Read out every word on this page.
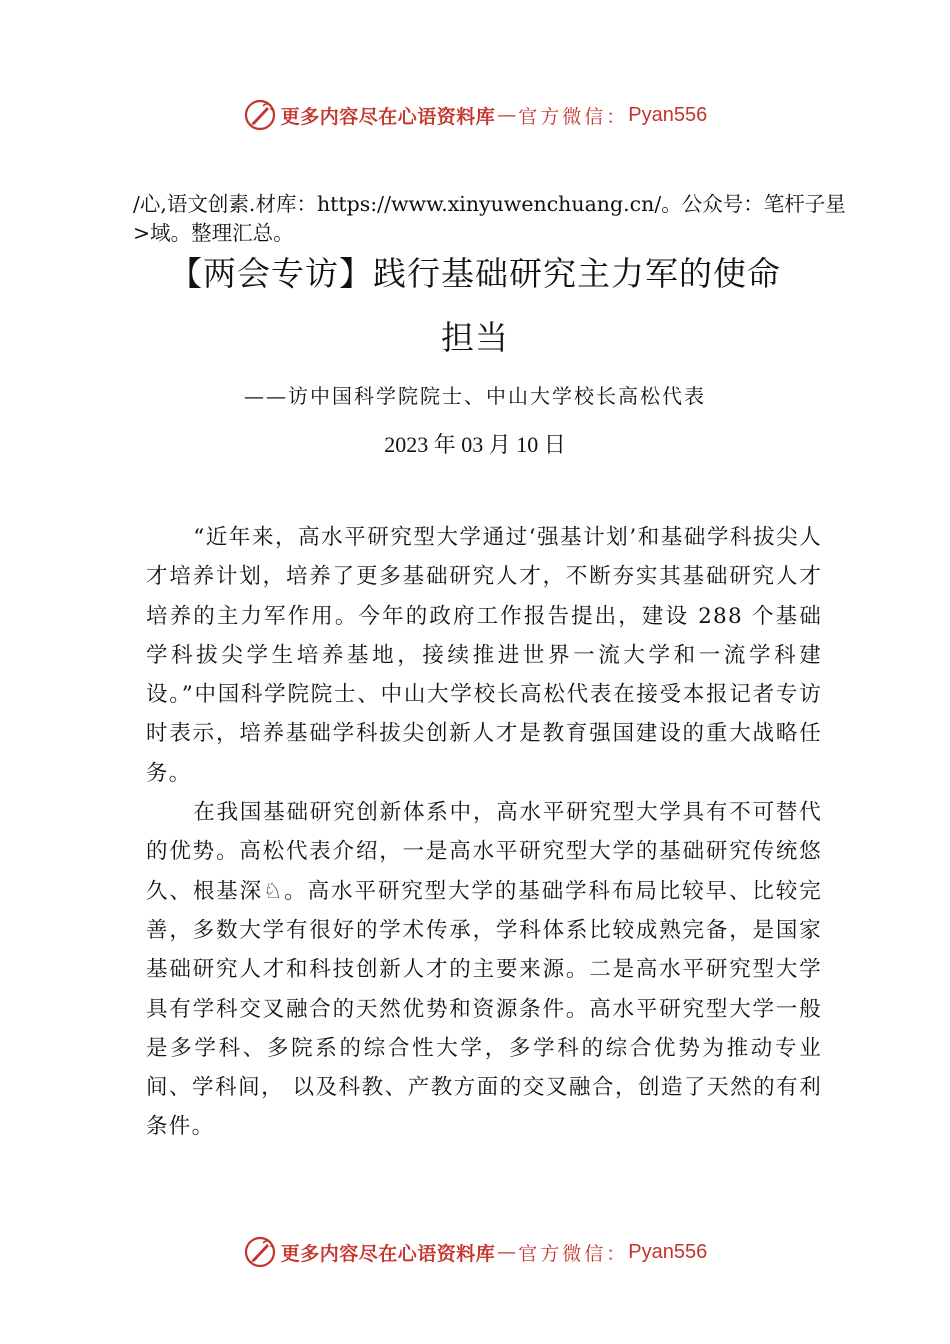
更多内容尽在心语资料库 — 官方微信： Pyan556
/心,语文创素.材库：https://www.xinyuwenchuang.cn/。公众号：笔杆子星>域。整理汇总。
【两会专访】践行基础研究主力军的使命
担当
——访中国科学院院士、中山大学校长高松代表
2023 年 03 月 10 日

“近年来，高水平研究型大学通过‘强基计划’和基础学科拔尖人才培养计划，培养了更多基础研究人才，不断夯实其基础研究人才培养的主力军作用。今年的政府工作报告提出，建设 288 个基础学科拔尖学生培养基地，接续推进世界一流大学和一流学科建设。”中国科学院院士、中山大学校长高松代表在接受本报记者专访时表示，培养基础学科拔尖创新人才是教育强国建设的重大战略任务。

在我国基础研究创新体系中，高水平研究型大学具有不可替代的优势。高松代表介绍，一是高水平研究型大学的基础研究传统悠久、根基深♘。高水平研究型大学的基础学科布局比较早、比较完善，多数大学有很好的学术传承，学科体系比较成熟完备，是国家基础研究人才和科技创新人才的主要来源。二是高水平研究型大学具有学科交叉融合的天然优势和资源条件。高水平研究型大学一般是多学科、多院系的综合性大学，多学科的综合优势为推动专业间、学科间， 以及科教、产教方面的交叉融合，创造了天然的有利条件。

更多内容尽在心语资料库 — 官方微信： Pyan556
